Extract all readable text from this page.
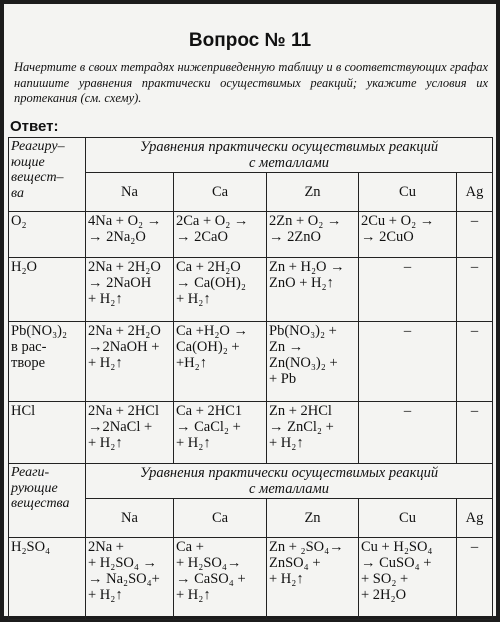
Вопрос № 11
Начертите в своих тетрадях нижеприведенную таблицу и в соответствующих графах напишите уравнения практически осуществимых реакций; укажите условия их протекания (см. схему).
Ответ:
Реагиру–
ющие
вещест–
ва	Уравнения практически осуществимых реакций
с металлами				

	Na	Ca	Zn	Cu	Ag

O₂	4Na + O₂ →
→ 2Na₂O	2Ca + O₂ →
→ 2CaO	2Zn + O₂ →
→ 2ZnO	2Cu + O₂ →
→ 2CuO	–

H₂O	2Na + 2H₂O
→ 2NaOH
+ H₂↑	Ca + 2H₂O
→ Ca(OH)₂
+ H₂↑	Zn + H₂O →
ZnO + H₂↑	–	–

Pb(NO₃)₂
в рас-
творе	2Na + 2H₂O
→2NaOH +
+ H₂↑	Ca +H₂O →
Ca(OH)₂ +
+H₂↑	Pb(NO₃)₂ +
Zn →
Zn(NO₃)₂ +
+ Pb	–	–

HCl	2Na + 2HCl
→2NaCl +
+ H₂↑	Ca + 2HC1
→ CaCl₂ +
+ H₂↑	Zn + 2HCl
→ ZnCl₂ +
+ H₂↑	–	–

Реаги-
рующие
вещества	Уравнения практически осуществимых реакций
с металлами				

	Na	Ca	Zn	Cu	Ag

H₂SO₄	2Na +
+ H₂SO₄ →
→ Na₂SO₄+
+ H₂↑	Ca +
+ H₂SO₄→
→ CaSO₄ +
+ H₂↑	Zn + ₂SO₄→
ZnSO₄ +
+ H₂↑	Cu + H₂SO₄
→ CuSO₄ +
+ SO₂ +
+ 2H₂O	–
